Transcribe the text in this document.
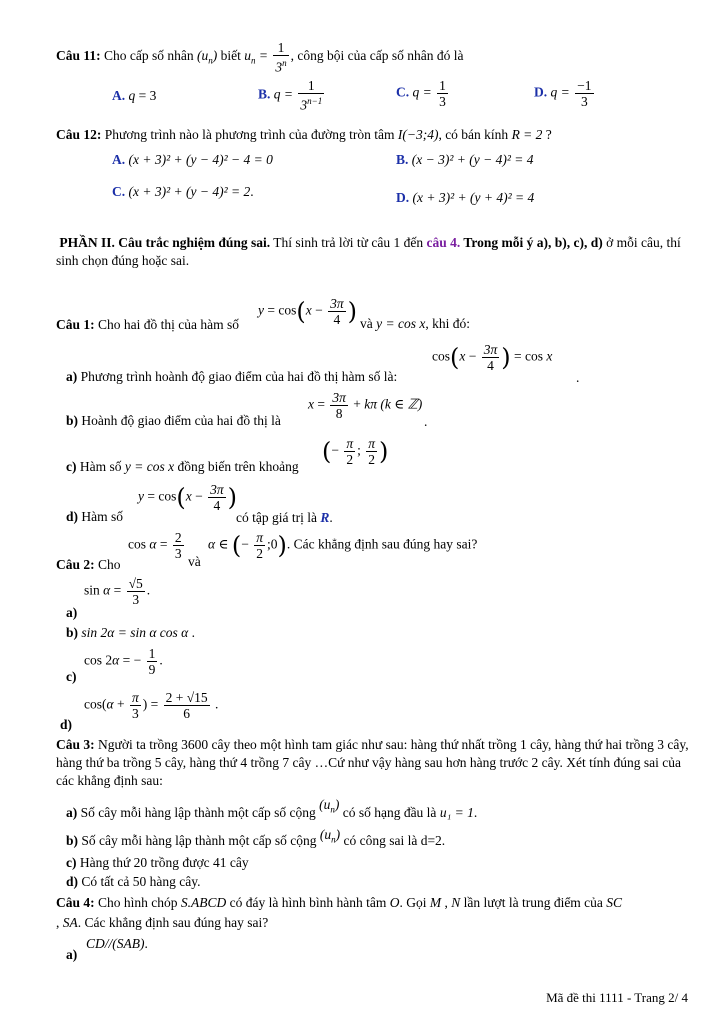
Câu 11: Cho cấp số nhân $(u_n)$ biết $u_n = \frac{1}{3^n}$ , công bội của cấp số nhân đó là
A. q = 3	B. $q = \frac{1}{3^{n-1}}$	C. $q = \frac{1}{3}$	D. $q = \frac{-1}{3}$
Câu 12: Phương trình nào là phương trình của đường tròn tâm I(−3;4), có bán kính R = 2 ?
A. (x + 3)² + (y − 4)² − 4 = 0	B. (x − 3)² + (y − 4)² = 4
C. (x + 3)² + (y − 4)² = 2.	D. (x + 3)² + (y + 4)² = 4
PHẦN II. Câu trắc nghiệm đúng sai. Thí sinh trả lời từ câu 1 đến câu 4. Trong mỗi ý a), b), c), d) ở mỗi câu, thí sinh chọn đúng hoặc sai.
Câu 1: Cho hai đồ thị của hàm số
$y = \cos(x - \frac{3\pi}{4}$ ) và y = cos x, khi đó:
$\cos(x - \frac{3\pi}{4}$ ) = cos x
a) Phương trình hoành độ giao điểm của hai đồ thị hàm số là:	.
$x = \frac{3\pi}{8} + k\pi$ (k ∈ ℤ)
b) Hoành độ giao điểm của hai đồ thị là	.
c) Hàm số y = cos x đồng biến trên khoảng
(− $\frac{\pi}{2}$ ; $\frac{\pi}{2}$ )
$y = \cos(x - \frac{3\pi}{4}$ )
d) Hàm số	có tập giá trị là R.
Câu 2: Cho
$\cos \alpha = \frac{2}{3}$
và
α ∈ (− $\frac{\pi}{2}$ ;0). Các khẳng định sau đúng hay sai?
a)
$\sin \alpha = \frac{√5}{3}$ .
b) sin 2α = sin α cos α .
c)
cos 2α = − $\frac{1}{9}$ .
d)
$\cos(\alpha + \frac{\pi}{3}$ ) = $\frac{2 + √15}{6}$ .
Câu 3: Người ta trồng 3600 cây theo một hình tam giác như sau: hàng thứ nhất trồng 1 cây, hàng thứ hai trồng 3 cây, hàng thứ ba trồng 5 cây, hàng thứ 4 trồng 7 cây …Cứ như vậy hàng sau hơn hàng trước 2 cây. Xét tính đúng sai của các khẳng định sau:
a) Số cây mỗi hàng lập thành một cấp số cộng $(u_n)$ có số hạng đầu là u₁ = 1.
b) Số cây mỗi hàng lập thành một cấp số cộng $(u_n)$ có công sai là d=2.
c) Hàng thứ 20 trồng được 41 cây
d) Có tất cả 50 hàng cây.
Câu 4: Cho hình chóp S.ABCD có đáy là hình bình hành tâm O. Gọi M , N lần lượt là trung điểm của SC
, SA. Các khẳng định sau đúng hay sai?
a)
CD//(SAB).
Mã đề thi 1111 - Trang 2/ 4
